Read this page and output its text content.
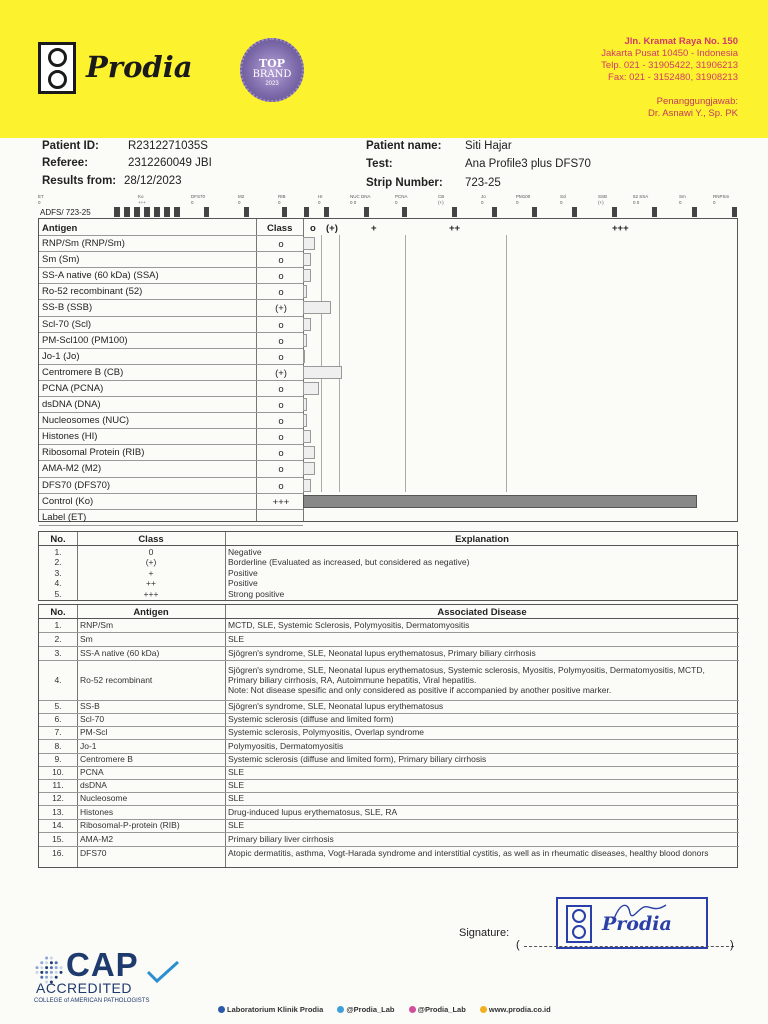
Prodia	TOP
BRAND
2023
Jln. Kramat Raya No. 150
Jakarta Pusat 10450 - Indonesia
Telp. 021 - 31905422, 31906213
Fax: 021 - 3152480, 31908213
Penanggungjawab:
Dr. Asnawi Y., Sp. PK
Patient ID:	R2312271035S
Referee:	2312260049 JBI
Results from: 28/12/2023
Patient name: Siti Hajar
Test:	Ana Profile3 plus DFS70
Strip Number: 723-25
ET
0
Ko
+++
DFS70
0
M2
0
RIB
0
HI
0
NUC DNA
0 0
PCNA
0
CB
(+)
Jo
0
PM100
0
Scl
0
SSB
(+)
52 SSA
0 0
Sm
0
RNPSm
0
ADFS/ 723-25
Antigen	Class o (+)	+	++	+++
RNP/Sm (RNP/Sm)	o
Sm (Sm)	o
SS-A native (60 kDa) (SSA)	o
Ro-52 recombinant (52)	o
SS-B (SSB)	(+)
Scl-70 (Scl)	o
PM-Scl100 (PM100)	o
Jo-1 (Jo)	o
Centromere B (CB)	(+)
PCNA (PCNA)	o
dsDNA (DNA)	o
Nucleosomes (NUC)	o
Histones (HI)	o
Ribosomal Protein (RIB)	o
AMA-M2 (M2)	o
DFS70 (DFS70)	o
Control (Ko)	+++
Label (ET)
No.	Class	Explanation
1.	0	Negative
2.	(+)	Borderline (Evaluated as increased, but considered as negative)
3.	+	Positive
4.	++	Positive
5.	+++	Strong positive
No.	Antigen	Associated Disease
1.	RNP/Sm	MCTD, SLE, Systemic Sclerosis, Polymyositis, Dermatomyositis
2.	Sm	SLE
3.	SS-A native (60 kDa)	Sjögren's syndrome, SLE, Neonatal lupus erythematosus, Primary biliary cirrhosis
4.	Ro-52 recombinant
Sjögren's syndrome, SLE, Neonatal lupus erythematosus, Systemic sclerosis, Myositis, Polymyositis, Dermatomyositis, MCTD,
Primary biliary cirrhosis, RA, Autoimmune hepatitis, Viral hepatitis.
Note: Not disease spesific and only considered as positive if accompanied by another positive marker.
5.	SS-B	Sjögren's syndrome, SLE, Neonatal lupus erythematosus
6.	Scl-70	Systemic sclerosis (diffuse and limited form)
7.	PM-Scl	Systemic sclerosis, Polymyositis, Overlap syndrome
8.	Jo-1	Polymyositis, Dermatomyositis
9.	Centromere B	Systemic sclerosis (diffuse and limited form), Primary biliary cirrhosis
10.	PCNA	SLE
11.	dsDNA	SLE
12.	Nucleosome	SLE
13.	Histones	Drug-induced lupus erythematosus, SLE, RA
14.	Ribosomal-P-protein (RIB)	SLE
15.	AMA-M2	Primary biliary liver cirrhosis
16.	DFS70	Atopic dermatitis, asthma, Vogt-Harada syndrome and interstitial cystitis, as well as in rheumatic diseases, healthy blood donors
Signature:	Prodia
(	)
CAP
ACCREDITED
COLLEGE of AMERICAN PATHOLOGISTS
Laboratorium Klinik Prodia	@Prodia_Lab	@Prodia_Lab	www.prodia.co.id
